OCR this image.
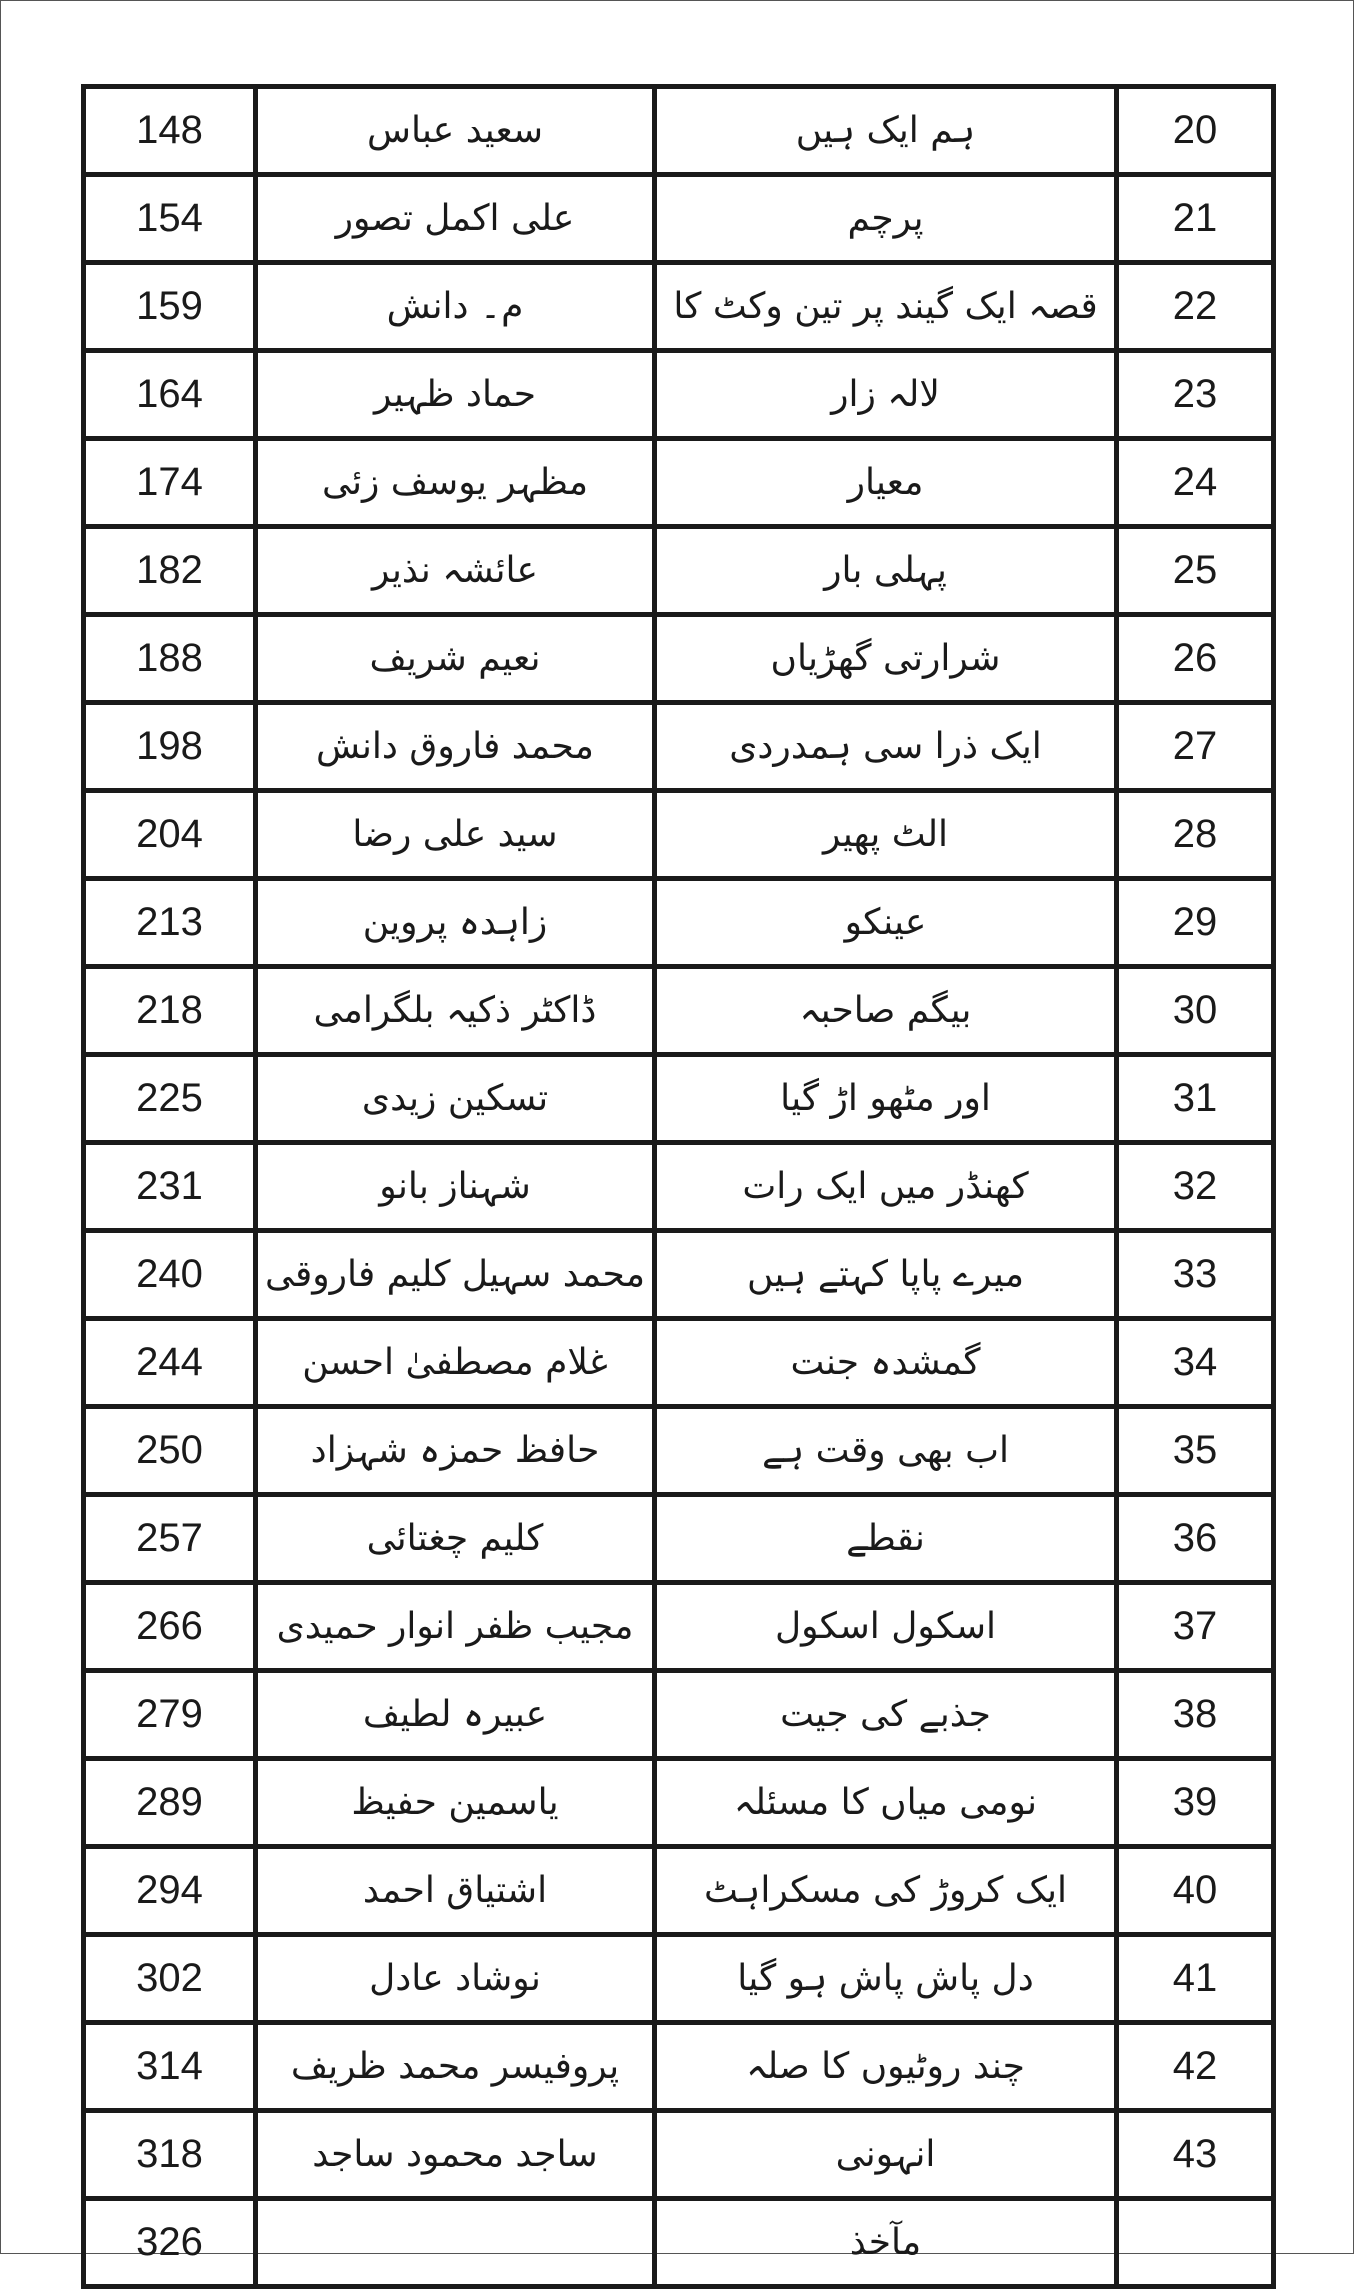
148	سعید عباس	ہم ایک ہیں	20
154	علی اکمل تصور	پرچم	21
159	م۔ دانش	قصہ ایک گیند پر تین وکٹ کا	22
164	حماد ظہیر	لالہ زار	23
174	مظہر یوسف زئی	معیار	24
182	عائشہ نذیر	پہلی بار	25
188	نعیم شریف	شرارتی گھڑیاں	26
198	محمد فاروق دانش	ایک ذرا سی ہمدردی	27
204	سید علی رضا	الٹ پھیر	28
213	زاہدہ پروین	عینکو	29
218	ڈاکٹر ذکیہ بلگرامی	بیگم صاحبہ	30
225	تسکین زیدی	اور مٹھو اڑ گیا	31
231	شہناز بانو	کھنڈر میں ایک رات	32
240	محمد سہیل کلیم فاروقی	میرے پاپا کہتے ہیں	33
244	غلام مصطفیٰ احسن	گمشدہ جنت	34
250	حافظ حمزہ شہزاد	اب بھی وقت ہے	35
257	کلیم چغتائی	نقطے	36
266	مجیب ظفر انوار حمیدی	اسکول اسکول	37
279	عبیرہ لطیف	جذبے کی جیت	38
289	یاسمین حفیظ	نومی میاں کا مسئلہ	39
294	اشتیاق احمد	ایک کروڑ کی مسکراہٹ	40
302	نوشاد عادل	دل پاش پاش ہو گیا	41
314	پروفیسر محمد ظریف	چند روٹیوں کا صلہ	42
318	ساجد محمود ساجد	انہونی	43
326		مآخذ	
